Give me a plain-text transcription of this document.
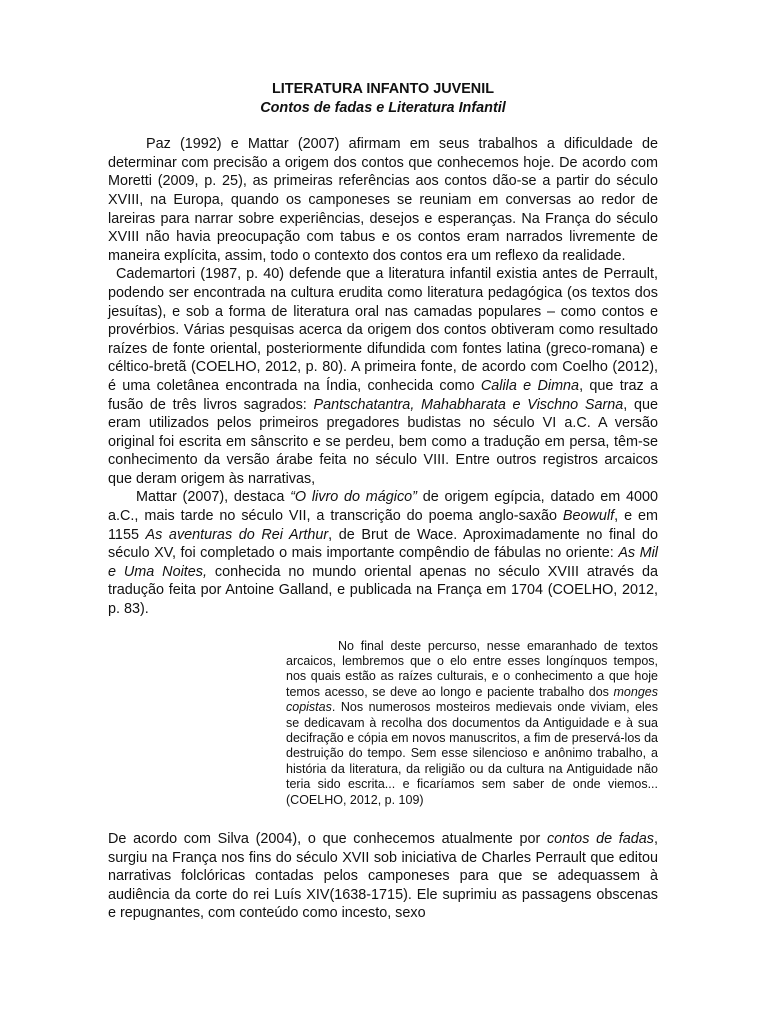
LITERATURA INFANTO JUVENIL
Contos de fadas e Literatura Infantil

Paz (1992) e Mattar (2007) afirmam em seus trabalhos a dificuldade de determinar com precisão a origem dos contos que conhecemos hoje. De acordo com Moretti (2009, p. 25), as primeiras referências aos contos dão-se a partir do século XVIII, na Europa, quando os camponeses se reuniam em conversas ao redor de lareiras para narrar sobre experiências, desejos e esperanças. Na França do século XVIII não havia preocupação com tabus e os contos eram narrados livremente de maneira explícita, assim, todo o contexto dos contos era um reflexo da realidade.

Cademartori (1987, p. 40) defende que a literatura infantil existia antes de Perrault, podendo ser encontrada na cultura erudita como literatura pedagógica (os textos dos jesuítas), e sob a forma de literatura oral nas camadas populares – como contos e provérbios. Várias pesquisas acerca da origem dos contos obtiveram como resultado raízes de fonte oriental, posteriormente difundida com fontes latina (greco-romana) e céltico-bretã (COELHO, 2012, p. 80). A primeira fonte, de acordo com Coelho (2012), é uma coletânea encontrada na Índia, conhecida como Calila e Dimna, que traz a fusão de três livros sagrados: Pantschatantra, Mahabharata e Vischno Sarna, que eram utilizados pelos primeiros pregadores budistas no século VI a.C. A versão original foi escrita em sânscrito e se perdeu, bem como a tradução em persa, têm-se conhecimento da versão árabe feita no século VIII. Entre outros registros arcaicos que deram origem às narrativas,

Mattar (2007), destaca “O livro do mágico” de origem egípcia, datado em 4000 a.C., mais tarde no século VII, a transcrição do poema anglo-saxão Beowulf, e em 1155 As aventuras do Rei Arthur, de Brut de Wace. Aproximadamente no final do século XV, foi completado o mais importante compêndio de fábulas no oriente: As Mil e Uma Noites, conhecida no mundo oriental apenas no século XVIII através da tradução feita por Antoine Galland, e publicada na França em 1704 (COELHO, 2012, p. 83).

No final deste percurso, nesse emaranhado de textos arcaicos, lembremos que o elo entre esses longínquos tempos, nos quais estão as raízes culturais, e o conhecimento a que hoje temos acesso, se deve ao longo e paciente trabalho dos monges copistas. Nos numerosos mosteiros medievais onde viviam, eles se dedicavam à recolha dos documentos da Antiguidade e à sua decifração e cópia em novos manuscritos, a fim de preservá-los da destruição do tempo. Sem esse silencioso e anônimo trabalho, a história da literatura, da religião ou da cultura na Antiguidade não teria sido escrita... e ficaríamos sem saber de onde viemos... (COELHO, 2012, p. 109)

De acordo com Silva (2004), o que conhecemos atualmente por contos de fadas, surgiu na França nos fins do século XVII sob iniciativa de Charles Perrault que editou narrativas folclóricas contadas pelos camponeses para que se adequassem à audiência da corte do rei Luís XIV(1638-1715). Ele suprimiu as passagens obscenas e repugnantes, com conteúdo como incesto, sexo
